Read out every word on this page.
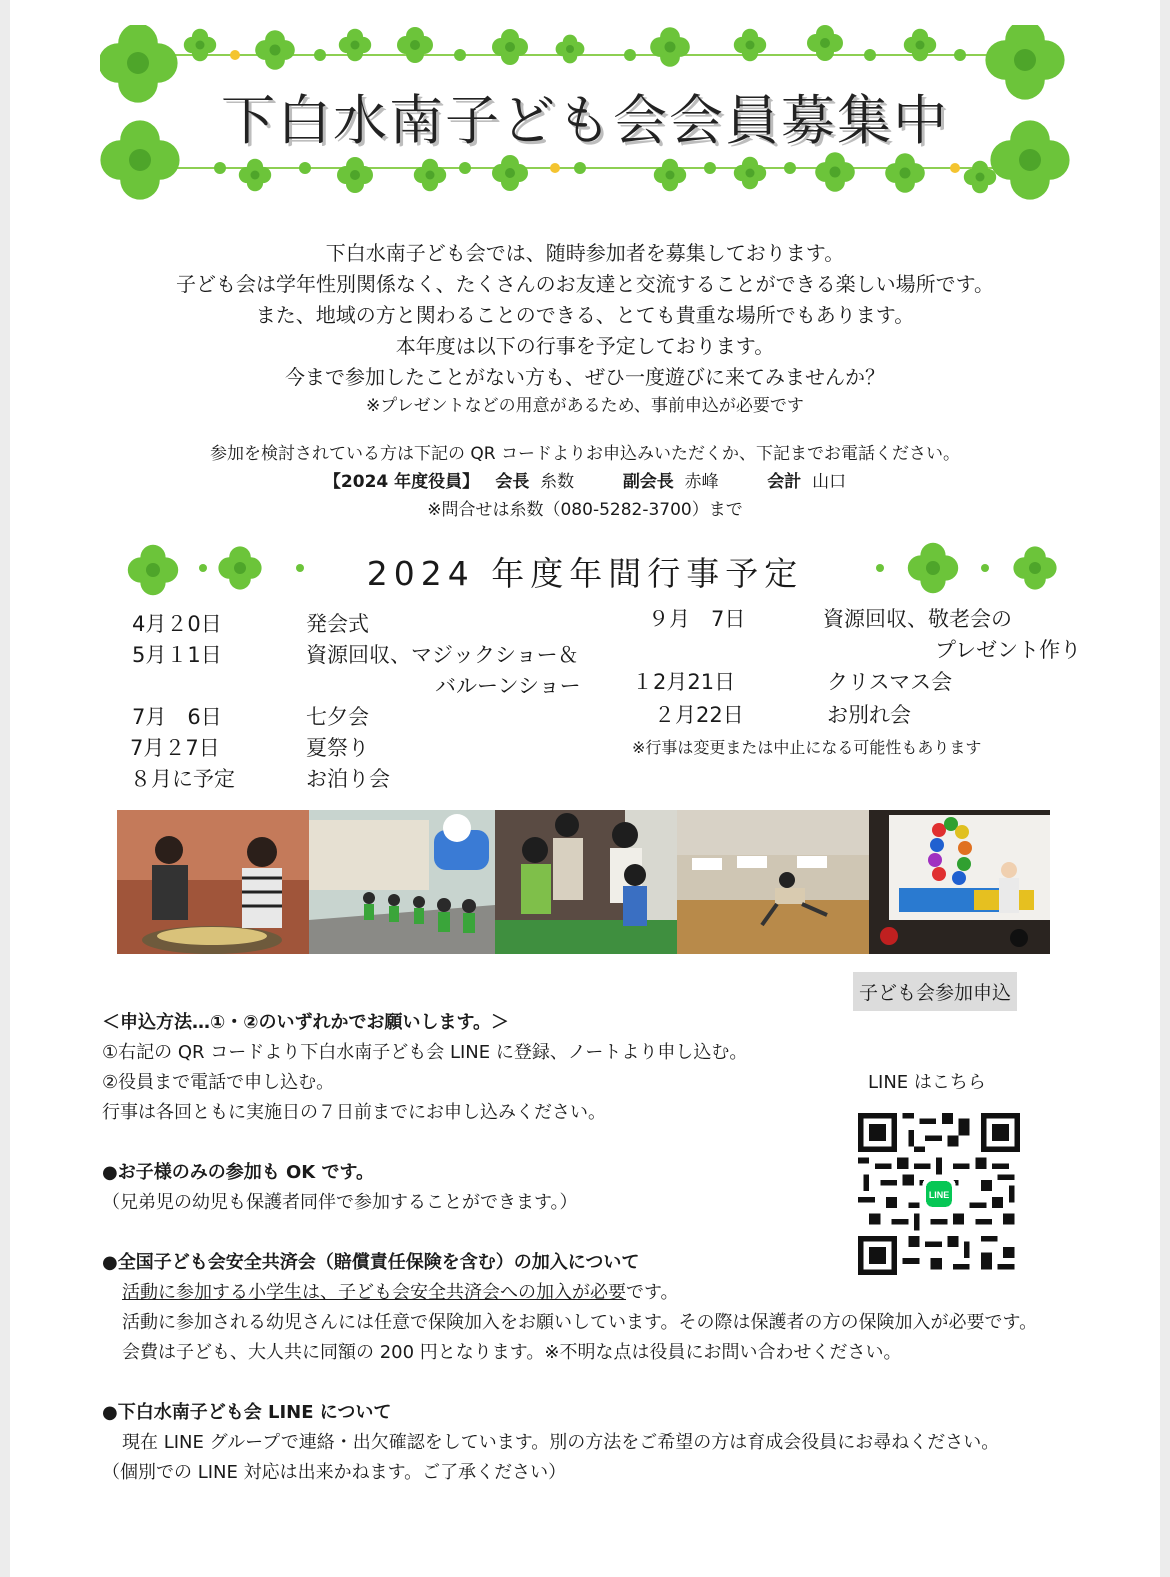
下白水南子ども会会員募集中
下白水南子ども会では、随時参加者を募集しております。
子ども会は学年性別関係なく、たくさんのお友達と交流することができる楽しい場所です。
また、地域の方と関わることのできる、とても貴重な場所でもあります。
本年度は以下の行事を予定しております。
今まで参加したことがない方も、ぜひ一度遊びに来てみませんか？
※プレゼントなどの用意があるため、事前申込が必要です
参加を検討されている方は下記の QR コードよりお申込みいただくか、下記までお電話ください。
【2024 年度役員】 会長 糸数	副会長 赤峰	会計 山口
※問合せは糸数（080-5282-3700）まで
2024 年度年間行事予定
4月２0日	発会式
5月１1日	資源回収、マジックショー＆
バルーンショー
7月　6日	七夕会
7月２7日	夏祭り
８月に予定	お泊り会
９月　7日	資源回収、敬老会の
プレゼント作り
１2月21日	クリスマス会
２月22日	お別れ会
※行事は変更または中止になる可能性もあります
子ども会参加申込
LINE はこちら
LINE

＜申込方法…①・②のいずれかでお願いします。＞

①右記の QR コードより下白水南子ども会 LINE に登録、ノートより申し込む。

②役員まで電話で申し込む。

行事は各回ともに実施日の７日前までにお申し込みください。

●お子様のみの参加も OK です。

（兄弟児の幼児も保護者同伴で参加することができます。）

●全国子ども会安全共済会（賠償責任保険を含む）の加入について

活動に参加する小学生は、子ども会安全共済会への加入が必要です。

活動に参加される幼児さんには任意で保険加入をお願いしています。その際は保護者の方の保険加入が必要です。

会費は子ども、大人共に同額の 200 円となります。※不明な点は役員にお問い合わせください。

●下白水南子ども会 LINE について

現在 LINE グループで連絡・出欠確認をしています。別の方法をご希望の方は育成会役員にお尋ねください。

（個別での LINE 対応は出来かねます。ご了承ください）
